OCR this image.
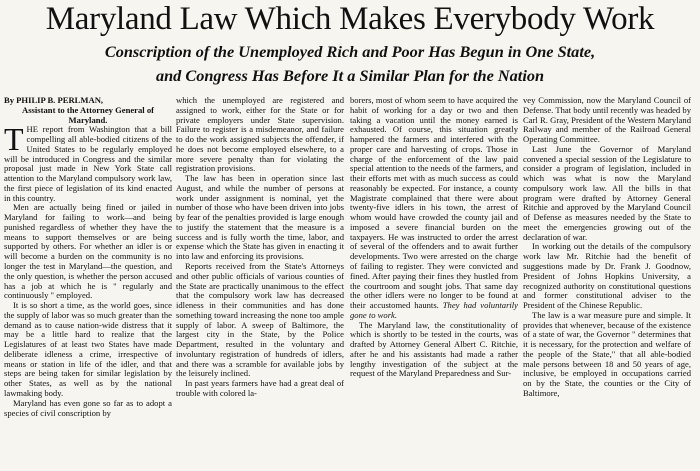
Maryland Law Which Makes Everybody Work
Conscription of the Unemployed Rich and Poor Has Begun in One State,
and Congress Has Before It a Similar Plan for the Nation

By PHILIP B. PERLMAN,

Assistant to the Attorney General of Maryland.

THE report from Washington that a bill compelling all able-bodied citizens of the United States to be regularly employed will be introduced in Congress and the similar proposal just made in New York State call attention to the Maryland compulsory work law, the first piece of legislation of its kind enacted in this country.

Men are actually being fined or jailed in Maryland for failing to work—and being punished regardless of whether they have the means to support themselves or are being supported by others. For whether an idler is or will become a burden on the community is no longer the test in Maryland—the question, and the only question, is whether the person accused has a job at which he is " regularly and continuously " employed.

It is so short a time, as the world goes, since the supply of labor was so much greater than the demand as to cause nation-wide distress that it may be a little hard to realize that the Legislatures of at least two States have made deliberate idleness a crime, irrespective of means or station in life of the idler, and that steps are being taken for similar legislation by other States, as well as by the national lawmaking body.

Maryland has even gone so far as to adopt a species of civil conscription by

which the unemployed are registered and assigned to work, either for the State or for private employers under State supervision. Failure to register is a misdemeanor, and failure to do the work assigned subjects the offender, if he does not become employed elsewhere, to a more severe penalty than for violating the registration provisions.

The law has been in operation since last August, and while the number of persons at work under assignment is nominal, yet the number of those who have been driven into jobs by fear of the penalties provided is large enough to justify the statement that the measure is a success and is fully worth the time, labor, and expense which the State has given in enacting it into law and enforcing its provisions.

Reports received from the State's Attorneys and other public officials of various counties of the State are practically unanimous to the effect that the compulsory work law has decreased idleness in their communities and has done something toward increasing the none too ample supply of labor. A sweep of Baltimore, the largest city in the State, by the Police Department, resulted in the voluntary and involuntary registration of hundreds of idlers, and there was a scramble for available jobs by the leisurely inclined.

In past years farmers have had a great deal of trouble with colored la-

borers, most of whom seem to have acquired the habit of working for a day or two and then taking a vacation until the money earned is exhausted. Of course, this situation greatly hampered the farmers and interfered with the proper care and harvesting of crops. Those in charge of the enforcement of the law paid special attention to the needs of the farmers, and their efforts met with as much success as could reasonably be expected. For instance, a county Magistrate complained that there were about twenty-five idlers in his town, the arrest of whom would have crowded the county jail and imposed a severe financial burden on the taxpayers. He was instructed to order the arrest of several of the offenders and to await further developments. Two were arrested on the charge of failing to register. They were convicted and fined. After paying their fines they hustled from the courtroom and sought jobs. That same day the other idlers were no longer to be found at their accustomed haunts. They had voluntarily gone to work.

The Maryland law, the constitutionality of which is shortly to be tested in the courts, was drafted by Attorney General Albert C. Ritchie, after he and his assistants had made a rather lengthy investigation of the subject at the request of the Maryland Preparedness and Sur-

vey Commission, now the Maryland Council of Defense. That body until recently was headed by Carl R. Gray, President of the Western Maryland Railway and member of the Railroad General Operating Committee.

Last June the Governor of Maryland convened a special session of the Legislature to consider a program of legislation, included in which was what is now the Maryland compulsory work law. All the bills in that program were drafted by Attorney General Ritchie and approved by the Maryland Council of Defense as measures needed by the State to meet the emergencies growing out of the declaration of war.

In working out the details of the compulsory work law Mr. Ritchie had the benefit of suggestions made by Dr. Frank J. Goodnow, President of Johns Hopkins University, a recognized authority on constitutional questions and former constitutional adviser to the President of the Chinese Republic.

The law is a war measure pure and simple. It provides that whenever, because of the existence of a state of war, the Governor " determines that it is necessary, for the protection and welfare of the people of the State," that all able-bodied male persons between 18 and 50 years of age, inclusive, be employed in occupations carried on by the State, the counties or the City of Baltimore,
